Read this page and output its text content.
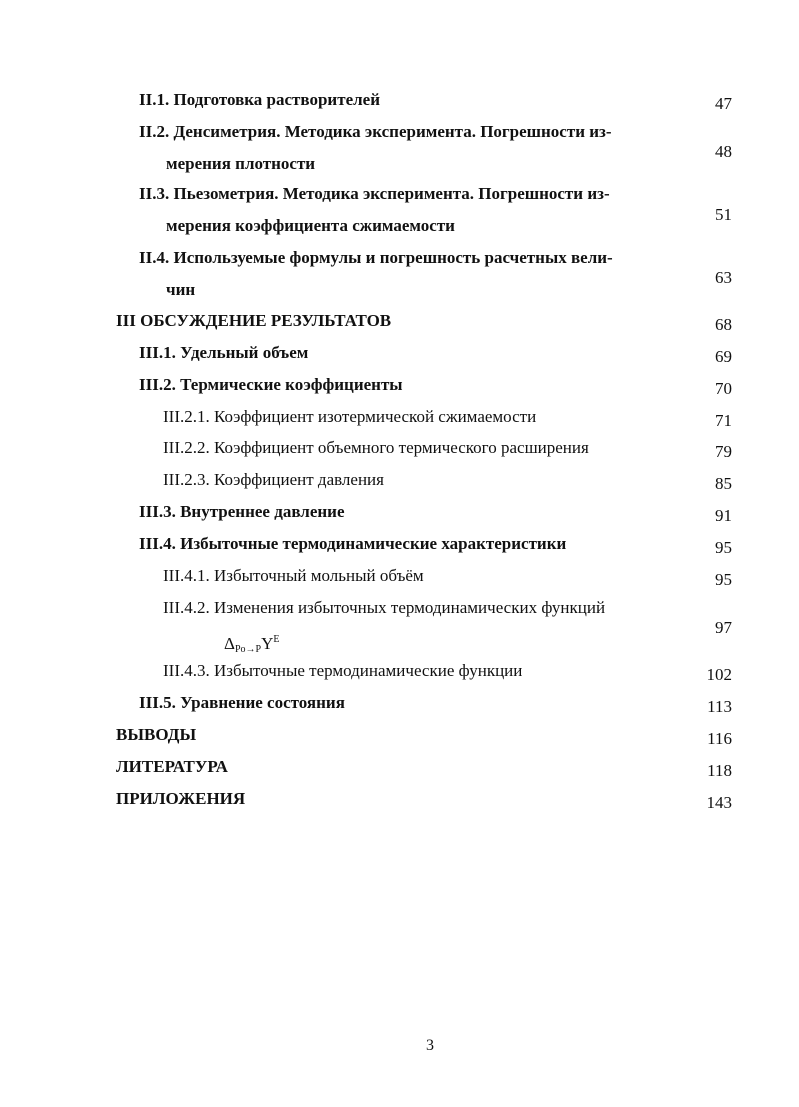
II.1. Подготовка растворителей	47
II.2. Денсиметрия. Методика эксперимента. Погрешности из-
мерения плотности
48
II.3. Пьезометрия. Методика эксперимента. Погрешности из-
мерения коэффициента сжимаемости
51
II.4. Используемые формулы и погрешность расчетных вели-
чин
63
III ОБСУЖДЕНИЕ РЕЗУЛЬТАТОВ	68
III.1. Удельный объем	69
III.2. Термические коэффициенты	70
III.2.1. Коэффициент изотермической сжимаемости	71
III.2.2. Коэффициент объемного термического расширения	79
III.2.3. Коэффициент давления	85
III.3. Внутреннее давление	91
III.4. Избыточные термодинамические характеристики	95
III.4.1. Избыточный мольный объём	95
III.4.2. Изменения избыточных термодинамических функций
$\Delta_{Po\to P}Y^E$
97
III.4.3. Избыточные термодинамические функции	102
III.5. Уравнение состояния	113
ВЫВОДЫ	116
ЛИТЕРАТУРА	118
ПРИЛОЖЕНИЯ	143
3
